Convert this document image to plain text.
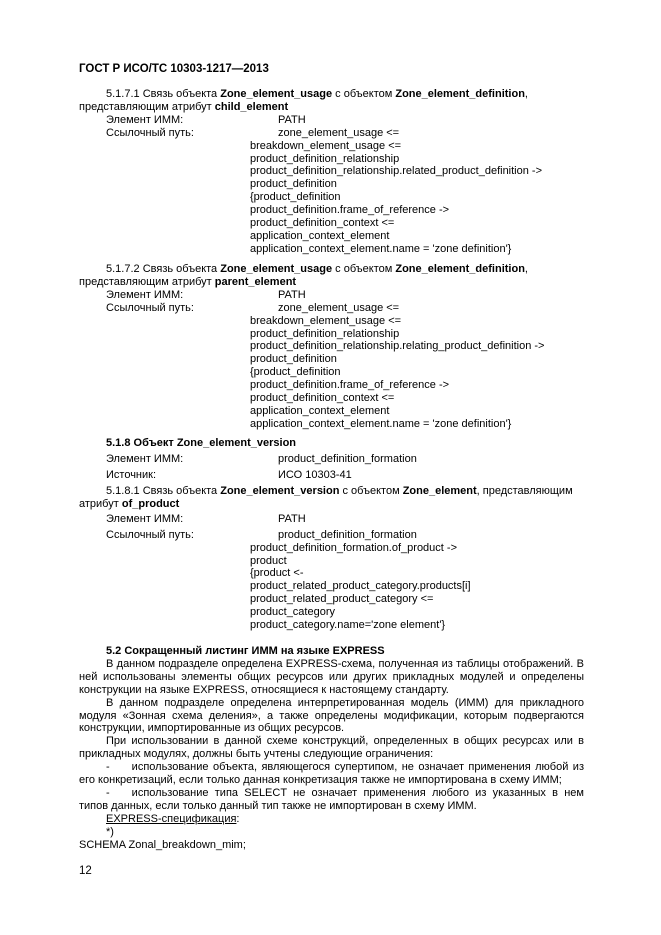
ГОСТ Р ИСО/ТС 10303-1217—2013
5.1.7.1 Связь объекта Zone_element_usage с объектом Zone_element_definition,
представляющим атрибут child_element
Элемент ИММ:	PATH
Ссылочный путь:	zone_element_usage <=
breakdown_element_usage <=
product_definition_relationship
product_definition_relationship.related_product_definition ->
product_definition
{product_definition
product_definition.frame_of_reference ->
product_definition_context <=
application_context_element
application_context_element.name = 'zone definition'}
5.1.7.2 Связь объекта Zone_element_usage с объектом Zone_element_definition,
представляющим атрибут parent_element
Элемент ИММ:	PATH
Ссылочный путь:	zone_element_usage <=
breakdown_element_usage <=
product_definition_relationship
product_definition_relationship.relating_product_definition ->
product_definition
{product_definition
product_definition.frame_of_reference ->
product_definition_context <=
application_context_element
application_context_element.name = 'zone definition'}
5.1.8 Объект Zone_element_version
Элемент ИММ:	product_definition_formation
Источник:	ИСО 10303-41
5.1.8.1 Связь объекта Zone_element_version с объектом Zone_element, представляющим
атрибут of_product
Элемент ИММ:	PATH
Ссылочный путь:	product_definition_formation
product_definition_formation.of_product ->
product
{product <-
product_related_product_category.products[i]
product_related_product_category <=
product_category
product_category.name='zone element'}
5.2 Сокращенный листинг ИММ на языке EXPRESS
В данном подразделе определена EXPRESS-схема, полученная из таблицы отображений. В ней использованы элементы общих ресурсов или других прикладных модулей и определены конструкции на языке EXPRESS, относящиеся к настоящему стандарту.
В данном подразделе определена интерпретированная модель (ИММ) для прикладного модуля «Зонная схема деления», а также определены модификации, которым подвергаются конструкции, импортированные из общих ресурсов.
При использовании в данной схеме конструкций, определенных в общих ресурсах или в прикладных модулях, должны быть учтены следующие ограничения:
- использование объекта, являющегося супертипом, не означает применения любой из его конкретизаций, если только данная конкретизация также не импортирована в схему ИММ;
- использование типа SELECT не означает применения любого из указанных в нем типов данных, если только данный тип также не импортирован в схему ИММ.
EXPRESS-спецификация:
*)
SCHEMA Zonal_breakdown_mim;
12
